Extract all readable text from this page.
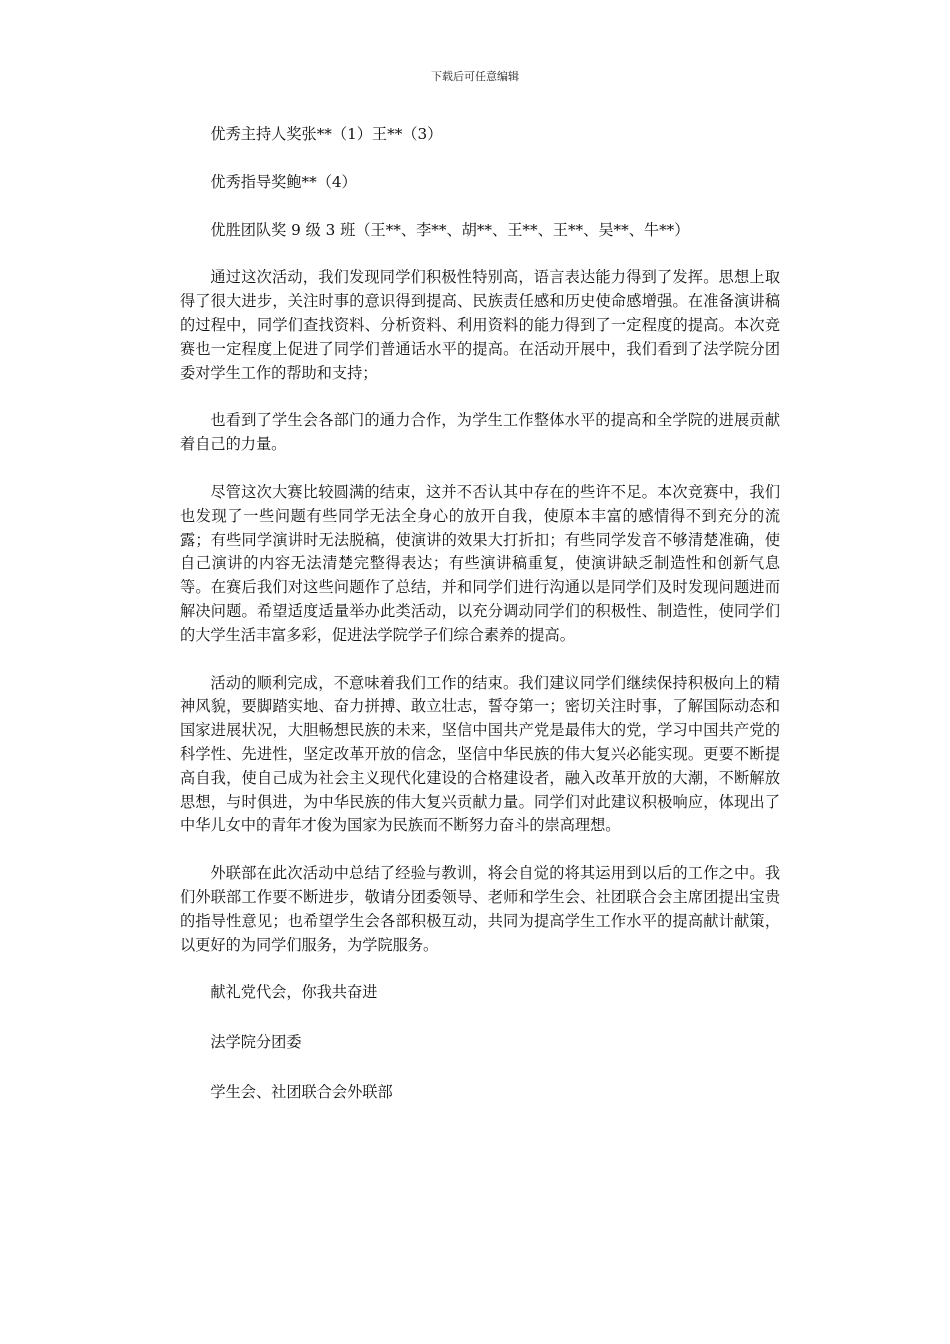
下载后可任意编辑

优秀主持人奖张**（1）王**（3）

优秀指导奖鲍**（4）

优胜团队奖 9 级 3 班（王**、李**、胡**、王**、王**、吴**、牛**）

通过这次活动，我们发现同学们积极性特别高，语言表达能力得到了发挥。思想上取得了很大进步，关注时事的意识得到提高、民族责任感和历史使命感增强。在准备演讲稿的过程中，同学们查找资料、分析资料、利用资料的能力得到了一定程度的提高。本次竞赛也一定程度上促进了同学们普通话水平的提高。在活动开展中，我们看到了法学院分团委对学生工作的帮助和支持；

也看到了学生会各部门的通力合作，为学生工作整体水平的提高和全学院的进展贡献着自己的力量。

尽管这次大赛比较圆满的结束，这并不否认其中存在的些许不足。本次竞赛中，我们也发现了一些问题有些同学无法全身心的放开自我，使原本丰富的感情得不到充分的流露；有些同学演讲时无法脱稿，使演讲的效果大打折扣；有些同学发音不够清楚准确，使自己演讲的内容无法清楚完整得表达；有些演讲稿重复，使演讲缺乏制造性和创新气息等。在赛后我们对这些问题作了总结，并和同学们进行沟通以是同学们及时发现问题进而解决问题。希望适度适量举办此类活动，以充分调动同学们的积极性、制造性，使同学们的大学生活丰富多彩，促进法学院学子们综合素养的提高。

活动的顺利完成，不意味着我们工作的结束。我们建议同学们继续保持积极向上的精神风貌，要脚踏实地、奋力拼搏、敢立壮志，誓夺第一；密切关注时事，了解国际动态和国家进展状况，大胆畅想民族的未来，坚信中国共产党是最伟大的党，学习中国共产党的科学性、先进性，坚定改革开放的信念，坚信中华民族的伟大复兴必能实现。更要不断提高自我，使自己成为社会主义现代化建设的合格建设者，融入改革开放的大潮，不断解放思想，与时俱进，为中华民族的伟大复兴贡献力量。同学们对此建议积极响应，体现出了中华儿女中的青年才俊为国家为民族而不断努力奋斗的崇高理想。

外联部在此次活动中总结了经验与教训，将会自觉的将其运用到以后的工作之中。我们外联部工作要不断进步，敬请分团委领导、老师和学生会、社团联合会主席团提出宝贵的指导性意见；也希望学生会各部积极互动，共同为提高学生工作水平的提高献计献策，以更好的为同学们服务，为学院服务。

献礼党代会，你我共奋进

法学院分团委

学生会、社团联合会外联部
